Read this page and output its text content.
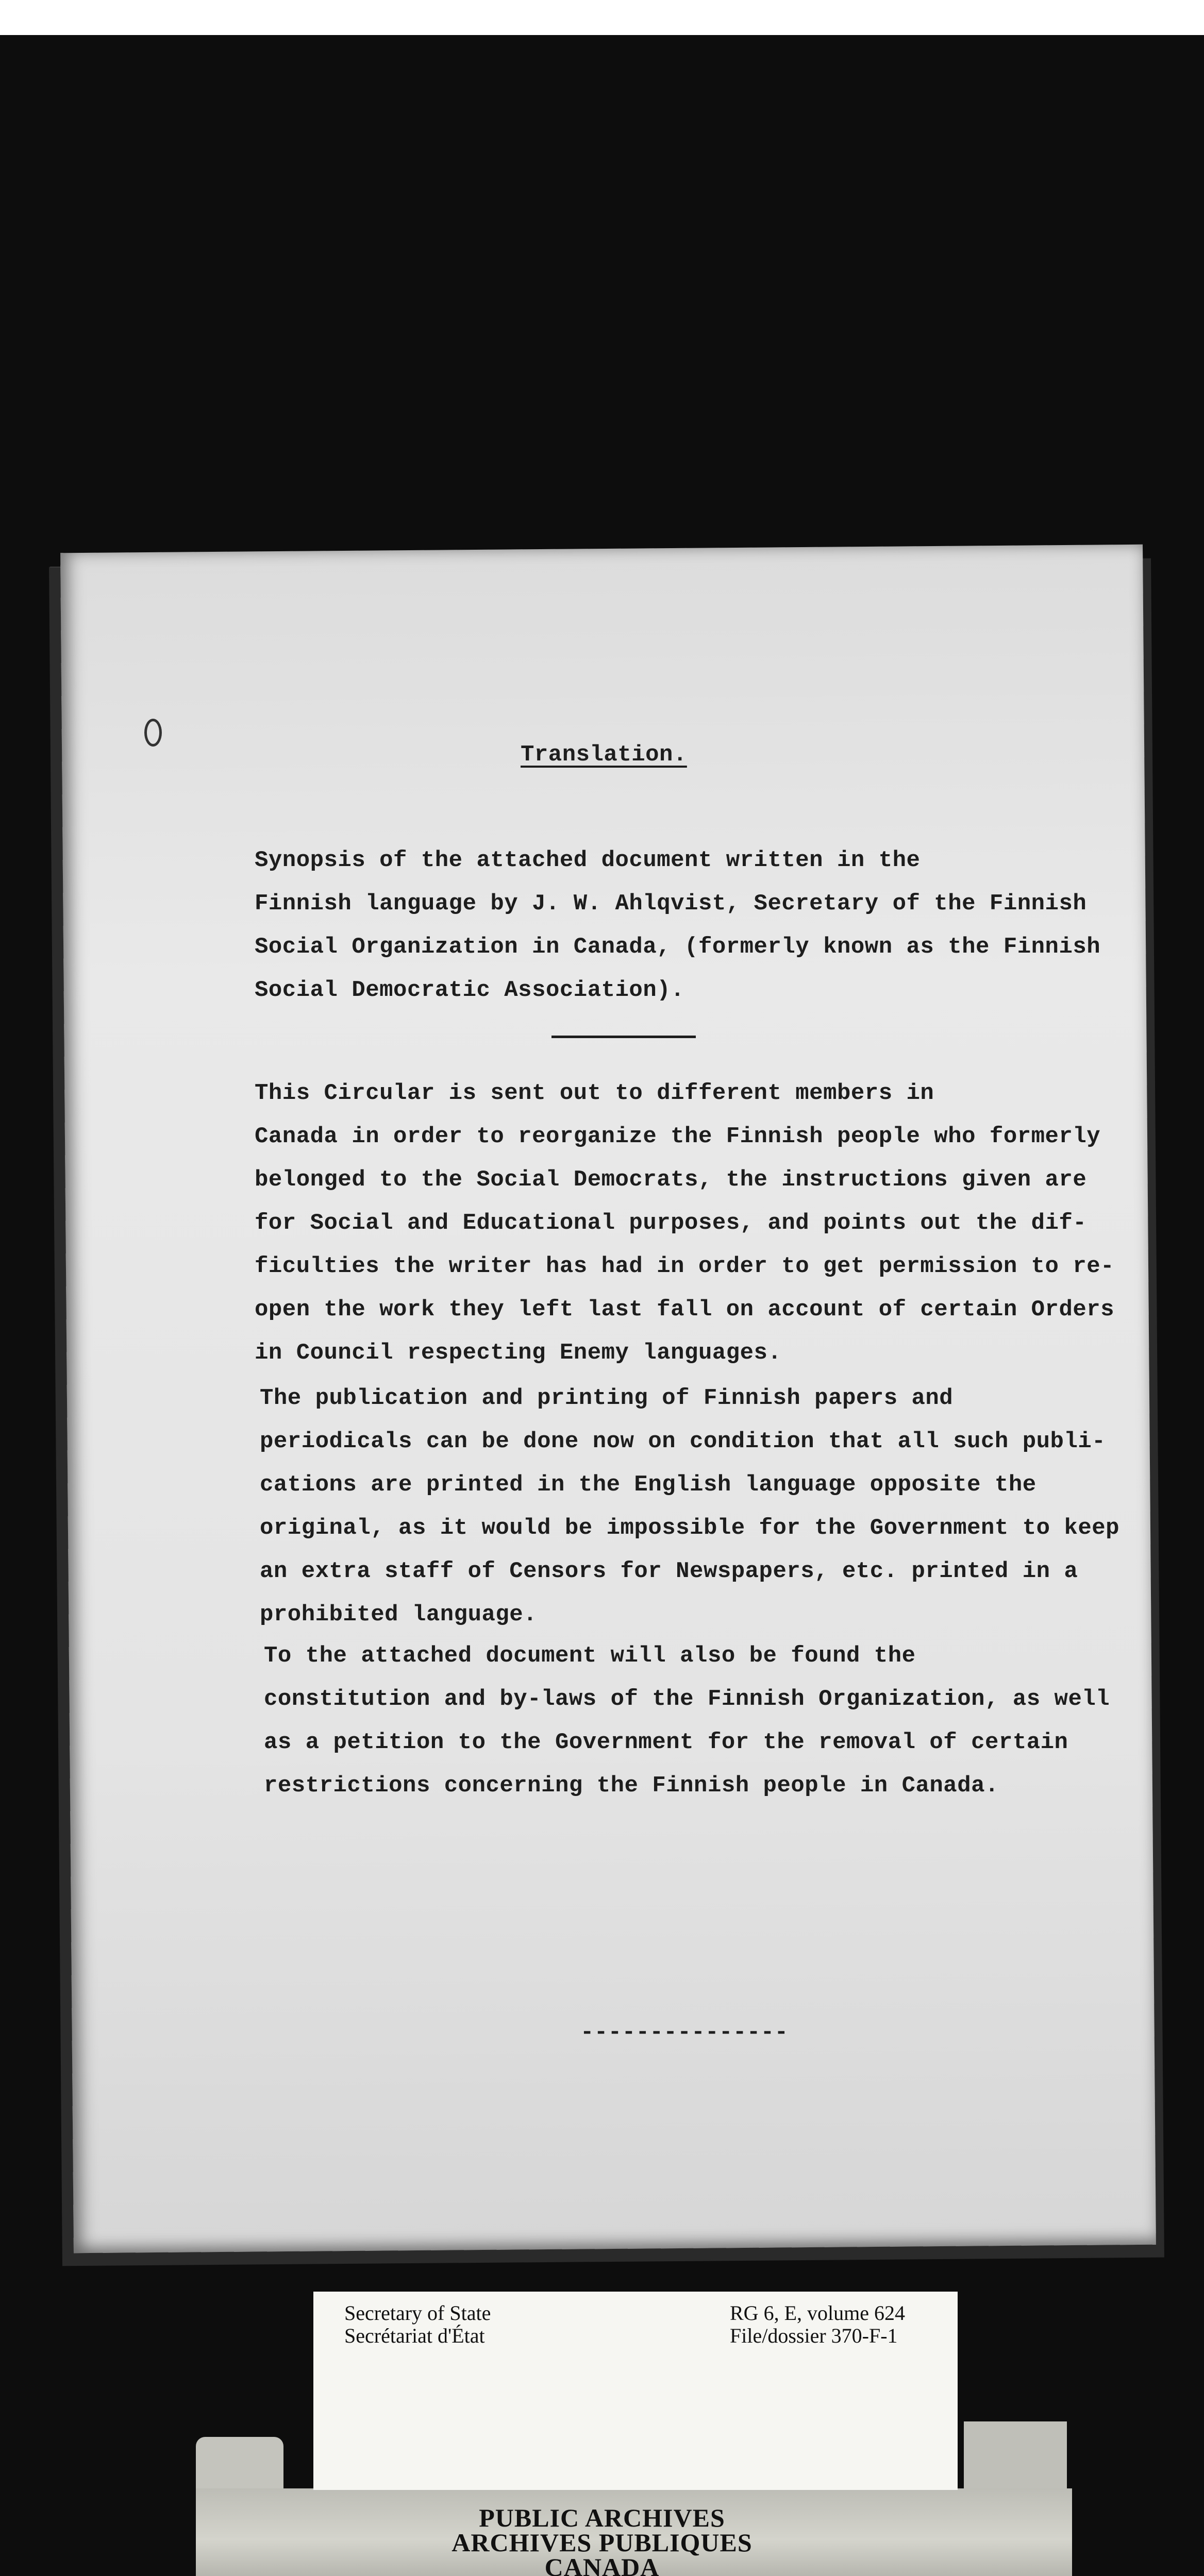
Translation.
Synopsis of the attached document written in the
Finnish language by J. W. Ahlqvist, Secretary of the Finnish
Social Organization in Canada, (formerly known as the Finnish
Social Democratic Association).
This Circular is sent out to different members in
Canada in order to reorganize the Finnish people who formerly
belonged to the Social Democrats, the instructions given are
for Social and Educational purposes, and points out the dif-
ficulties the writer has had in order to get permission to re-
open the work they left last fall on account of certain Orders
in Council respecting Enemy languages.
The publication and printing of Finnish papers and
periodicals can be done now on condition that all such publi-
cations are printed in the English language opposite the
original, as it would be impossible for the Government to keep
an extra staff of Censors for Newspapers, etc. printed in a
prohibited language.
To the attached document will also be found the
constitution and by-laws of the Finnish Organization, as well
as a petition to the Government for the removal of certain
restrictions concerning the Finnish people in Canada.
---------------
Secretary of State
Secrétariat d'État
RG 6, E, volume 624
File/dossier 370-F-1
PUBLIC ARCHIVES
ARCHIVES PUBLIQUES
CANADA
